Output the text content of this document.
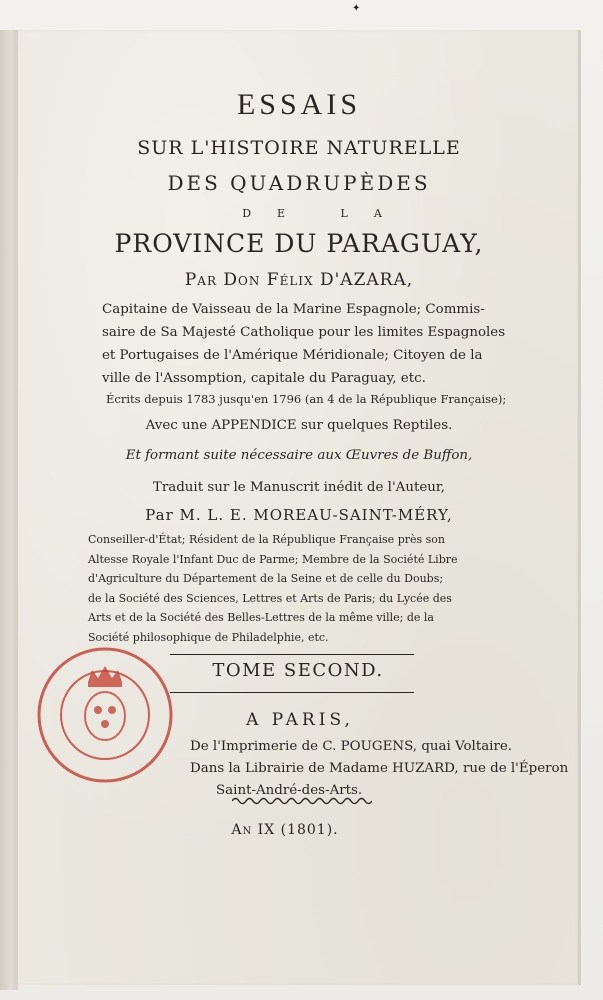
✦
ESSAIS
SUR L'HISTOIRE NATURELLE
DES QUADRUPÈDES
DE LA
PROVINCE DU PARAGUAY,
Par Don Félix D'AZARA,
Capitaine de Vaisseau de la Marine Espagnole; Commis-
saire de Sa Majesté Catholique pour les limites Espagnoles
et Portugaises de l'Amérique Méridionale; Citoyen de la
ville de l'Assomption, capitale du Paraguay, etc.
Écrits depuis 1783 jusqu'en 1796 (an 4 de la République Française);
Avec une APPENDICE sur quelques Reptiles.
Et formant suite nécessaire aux Œuvres de Buffon,
Traduit sur le Manuscrit inédit de l'Auteur,
Par M. L. E. MOREAU-SAINT-MÉRY,
Conseiller-d'État; Résident de la République Française près son
Altesse Royale l'Infant Duc de Parme; Membre de la Société Libre
d'Agriculture du Département de la Seine et de celle du Doubs;
de la Société des Sciences, Lettres et Arts de Paris; du Lycée des
Arts et de la Société des Belles-Lettres de la même ville; de la
Société philosophique de Philadelphie, etc.
TOME SECOND.
A PARIS,
De l'Imprimerie de C. POUGENS, quai Voltaire.
Dans la Librairie de Madame HUZARD, rue de l'Éperon
Saint-André-des-Arts.
An IX (1801).
